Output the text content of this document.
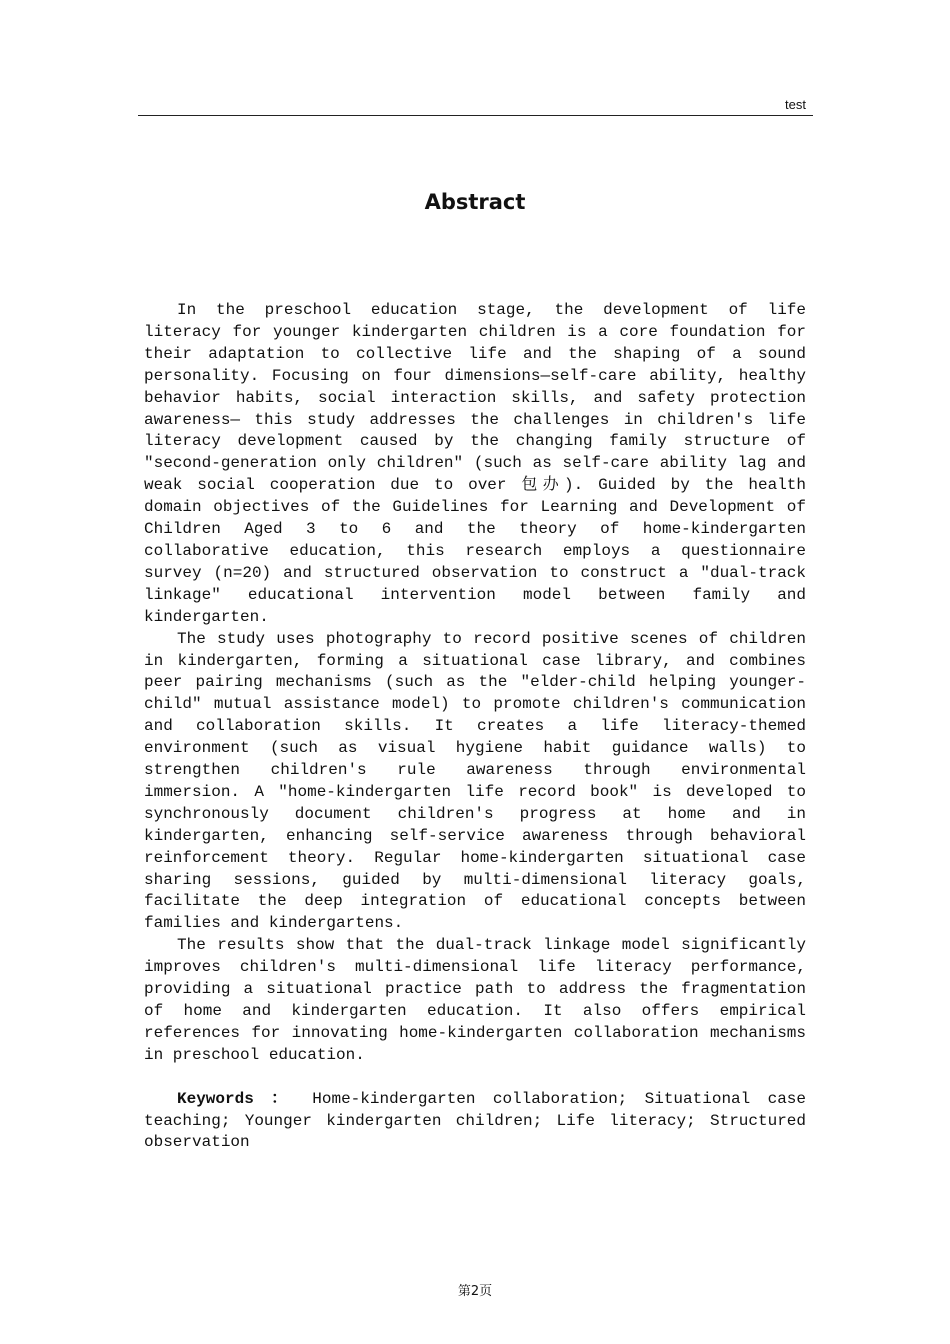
test
Abstract

In the preschool education stage, the development of life literacy for younger kindergarten children is a core foundation for their adaptation to collective life and the shaping of a sound personality. Focusing on four dimensions—self-care ability, healthy behavior habits, social interaction skills, and safety protection awareness— this study addresses the challenges in children's life literacy development caused by the changing family structure of "second-generation only children" (such as self-care ability lag and weak social cooperation due to over 包办). Guided by the health domain objectives of the Guidelines for Learning and Development of Children Aged 3 to 6 and the theory of home-kindergarten collaborative education, this research employs a questionnaire survey (n=20) and structured observation to construct a "dual-track linkage" educational intervention model between family and kindergarten.

The study uses photography to record positive scenes of children in kindergarten, forming a situational case library, and combines peer pairing mechanisms (such as the "elder-child helping younger-child" mutual assistance model) to promote children's communication and collaboration skills. It creates a life literacy-themed environment (such as visual hygiene habit guidance walls) to strengthen children's rule awareness through environmental immersion. A "home-kindergarten life record book" is developed to synchronously document children's progress at home and in kindergarten, enhancing self-service awareness through behavioral reinforcement theory. Regular home-kindergarten situational case sharing sessions, guided by multi-dimensional literacy goals, facilitate the deep integration of educational concepts between families and kindergartens.

The results show that the dual-track linkage model significantly improves children's multi-dimensional life literacy performance, providing a situational practice path to address the fragmentation of home and kindergarten education. It also offers empirical references for innovating home-kindergarten collaboration mechanisms in preschool education.

Keywords ： Home-kindergarten collaboration; Situational case teaching; Younger kindergarten children; Life literacy; Structured observation

第2页
